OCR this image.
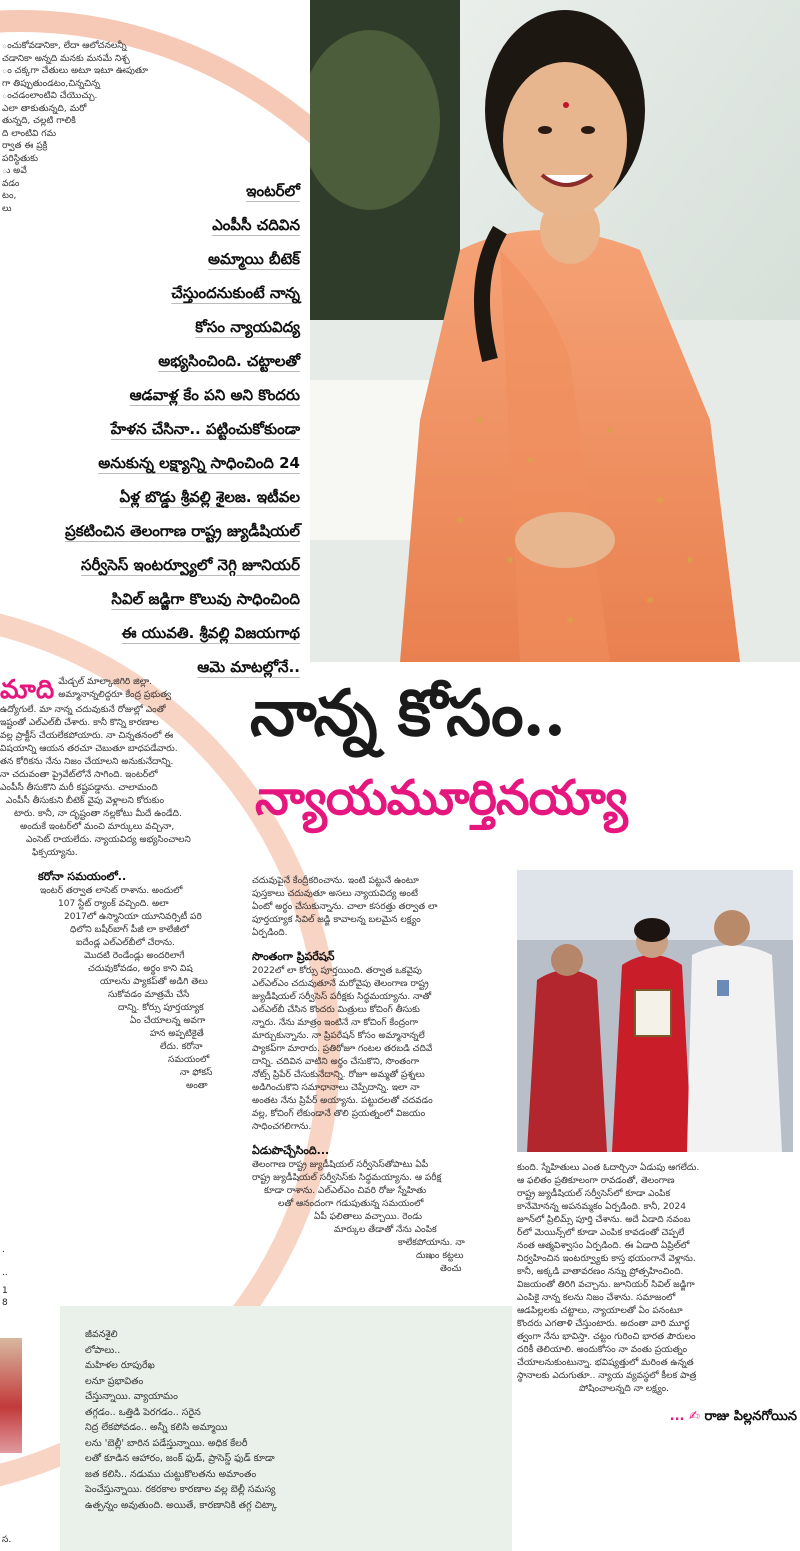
ంచుకోవడానికా, లేదా ఆలోచనలన్నీ
చడానికా అన్నది మనకు మనమే నిశ్చ
ం చక్కగా చేతులు అటూ ఇటూ ఊపుతూ
గా తిప్పుతుండటం,చిన్నచిన్న
ంచడంలాంటివి చేయొచ్చు.
ఎలా తాకుతున్నది, మరో
తున్నది, చల్లటి గాలికి
ది లాంటివి గమ
ర్వాత ఈ ప్రక్రి
పరిస్థితుకు
ు అవే
వడం
టం,
లు
ఇంటర్‌లో
ఎంపీసీ చదివిన
అమ్మాయి బీటెక్
చేస్తుందనుకుంటే నాన్న
కోసం న్యాయవిద్య
అభ్యసించింది. చట్టాలతో
ఆడవాళ్ల కేం పని అని కొందరు
హేళన చేసినా.. పట్టించుకోకుండా
అనుకున్న లక్ష్యాన్ని సాధించింది 24
ఏళ్ల బొడ్డు శ్రీవల్లి శైలజ. ఇటీవల
ప్రకటించిన తెలంగాణ రాష్ట్ర జ్యుడీషియల్
సర్వీసెస్ ఇంటర్వ్యూలో నెగ్గి జూనియర్
సివిల్ జడ్జిగా కొలువు సాధించింది
ఈ యువతి. శ్రీవల్లి విజయగాథ
ఆమె మాటల్లోనే..
నాన్న కోసం..
న్యాయమూర్తినయ్యా
మాది మేడ్చల్ మాల్కాజిగిరి జిల్లా.

అమ్మానాన్నలిద్దరూ కేంద్ర ప్రభుత్వ

ఉద్యోగులే. మా నాన్న చదువుకునే రోజుల్లో ఎంతో

ఇష్టంతో ఎల్‌ఎల్‌బీ చేశారు. కానీ కొన్ని కారణాల

వల్ల ప్రాక్టీస్ చేయలేకపోయారు. నా చిన్నతనంలో ఈ

విషయాన్ని ఆయన తరచూ చెబుతూ బాధపడేవారు.

తన కోరికను నేను నిజం చేయాలని అనుకునేదాన్ని.

నా చదువంతా ప్రైవేట్‌లోనే సాగింది. ఇంటర్‌లో

ఎంపీసీ తీసుకొని మరీ కష్టపడ్డాను. చాలామంది

ఎంపీసీ తీసుకుని బీటెక్ వైపు వెళ్లాలని కోరుకుం

టారు. కానీ, నా దృష్టంతా నల్లకోటు మీదే ఉండేది.

అందుకే ఇంటర్‌లో మంచి మార్కులు వచ్చినా,

ఎంసెట్ రాయలేదు. న్యాయవిద్య అభ్యసించాలని

ఫిక్సయ్యాను.

కరోనా సమయంలో..

ఇంటర్ తర్వాత లాసెట్ రాశాను. అందులో

107 స్టేట్ ర్యాంక్ వచ్చింది. అలా

2017లో ఉస్మానియా యూనివర్సిటీ పరి

ధిలోని బషీర్‌బాగ్ పీజీ లా కాలేజీలో

ఐదేండ్ల ఎల్‌ఎల్‌బీలో చేరాను.

మొదటి రెండేండ్లు అందరిలాగే

చదువుకోవడం, అర్థం కాని విష

యాలను ప్యాకప్‌తో అడిగి తెలు

సుకోవడం మాత్రమే చేసే

దాన్ని. కోర్సు పూర్తయ్యాక

ఏం చేయాలన్న అవగా

హన అప్పటికైతే

లేదు. కరోనా

సమయంలో

నా ఫోకస్

అంతా

.
1
8
..
స.

చదువుపైనే కేంద్రీకరించాను. ఇంటి పట్టునే ఉంటూ

పుస్తకాలు చదువుతూ అసలు న్యాయవిద్య అంటే

ఏంటో అర్థం చేసుకున్నాను. చాలా కసరత్తు తర్వాత లా

పూర్తయ్యాక సివిల్ జడ్జి కావాలన్న బలమైన లక్ష్యం

ఏర్పడింది.

సొంతంగా ప్రిపరేషన్

2022లో లా కోర్సు పూర్తయింది. తర్వాత ఒకవైపు

ఎల్‌ఎల్‌ఎం చదువుతూనే మరోవైపు తెలంగాణ రాష్ట్ర

జ్యుడీషియల్ సర్వీసెస్ పరీక్షకు సిద్ధమయ్యాను. నాతో

ఎల్‌ఎల్‌బీ చేసిన కొందరు మిత్రులు కోచింగ్ తీసుకు

న్నారు. నేను మాత్రం ఇంటినే నా కోచింగ్ కేంద్రంగా

మార్చుకున్నాను. నా ప్రిపరేషన్ కోసం అమ్మానాన్నలే

ప్యాకప్‌గా మారారు. ప్రతిరోజూ గంటల తరబడి చదివే

దాన్ని. చదివిన వాటిని అర్థం చేసుకొని, సొంతంగా

నోట్స్ ప్రిపేర్ చేసుకునేదాన్ని. రోజూ అమ్మతో ప్రశ్నలు

అడిగించుకొని సమాధానాలు చెప్పేదాన్ని. ఇలా నా

అంతట నేను ప్రిపేర్ అయ్యాను. పట్టుదలతో చదవడం

వల్ల, కోచింగ్ లేకుండానే తొలి ప్రయత్నంలో విజయం

సాధించగలిగాను.

ఏడుపొచ్చేసింది...

తెలంగాణ రాష్ట్ర జ్యుడీషియల్ సర్వీసెస్‌తోపాటు ఏపీ

రాష్ట్ర జ్యుడీషియల్ సర్వీసెస్‌కు సిద్ధమయ్యాను. ఆ పరీక్ష

కూడా రాశాను. ఎల్‌ఎల్‌ఎం చివరి రోజు స్నేహితు

లతో ఆనందంగా గడుపుతున్న సమయంలో

ఏపీ ఫలితాలు వచ్చాయి. రెండు

మార్కుల తేడాతో నేను ఎంపిక

కాలేకపోయాను. నా

దుఃఖం కట్టలు

తెంచు

కుంది. స్నేహితులు ఎంత ఓదార్చినా ఏడుపు ఆగలేదు.

ఆ ఫలితం ప్రతికూలంగా రావడంతో, తెలంగాణ

రాష్ట్ర జ్యుడీషియల్ సర్వీసెస్‌లో కూడా ఎంపిక

కానేమోనన్న అపనమ్మకం ఏర్పడింది. కానీ, 2024

జూన్‌లో ప్రిలిమ్స్ పూర్తి చేశాను. అదే ఏడాది నవంబ

ర్‌లో మెయిన్స్‌లో కూడా ఎంపిక కావడంతో చెప్పలే

నంత ఆత్మవిశ్వాసం ఏర్పడింది. ఈ ఏడాది ఏప్రిల్‌లో

నిర్వహించిన ఇంటర్వ్యూకు కాస్త భయంగానే వెళ్లాను.

కానీ, అక్కడి వాతావరణం నన్ను ప్రోత్సహించింది.

విజయంతో తిరిగి వచ్చాను. జూనియర్ సివిల్ జడ్జిగా

ఎంపికై నాన్న కలను నిజం చేశాను. సమాజంలో

ఆడపిల్లలకు చట్టాలు, న్యాయాలతో ఏం పనంటూ

కొందరు ఎగతాళి చేస్తుంటారు. అదంతా వారి మూర్ఖ

త్వంగా నేను భావిస్తా. చట్టం గురించి భారత పౌరులం

దరికీ తెలియాలి. అందుకోసం నా వంతు ప్రయత్నం

చేయాలనుకుంటున్నా. భవిష్యత్తులో మరింత ఉన్నత

స్థానాలకు ఎదుగుతూ.. న్యాయ వ్యవస్థలో కీలక పాత్ర

పోషించాలన్నది నా లక్ష్యం.

... ✍ రాజు పిల్లనగోయిన

జీవనశైలి

లోపాలు..

మహిళల రూపురేఖ

లనూ ప్రభావితం

చేస్తున్నాయి. వ్యాయామం

తగ్గడం.. ఒత్తిడి పెరగడం.. సరైన

నిద్ర లేకపోవడం.. అన్నీ కలిసి అమ్మాయి

లను 'బెల్లీ' బారిన పడేస్తున్నాయి. అధిక కేలరీ

లతో కూడిన ఆహారం, జంక్ ఫుడ్, ప్రాసెస్డ్ ఫుడ్ కూడా

జత కలిసి.. నడుము చుట్టుకొలతను అమాంతం

పెంచేస్తున్నాయి. రకరకాల కారణాల వల్ల బెల్లీ సమస్య

ఉత్పన్నం అవుతుంది. అయితే, కారణానికి తగ్గ చిట్కా
